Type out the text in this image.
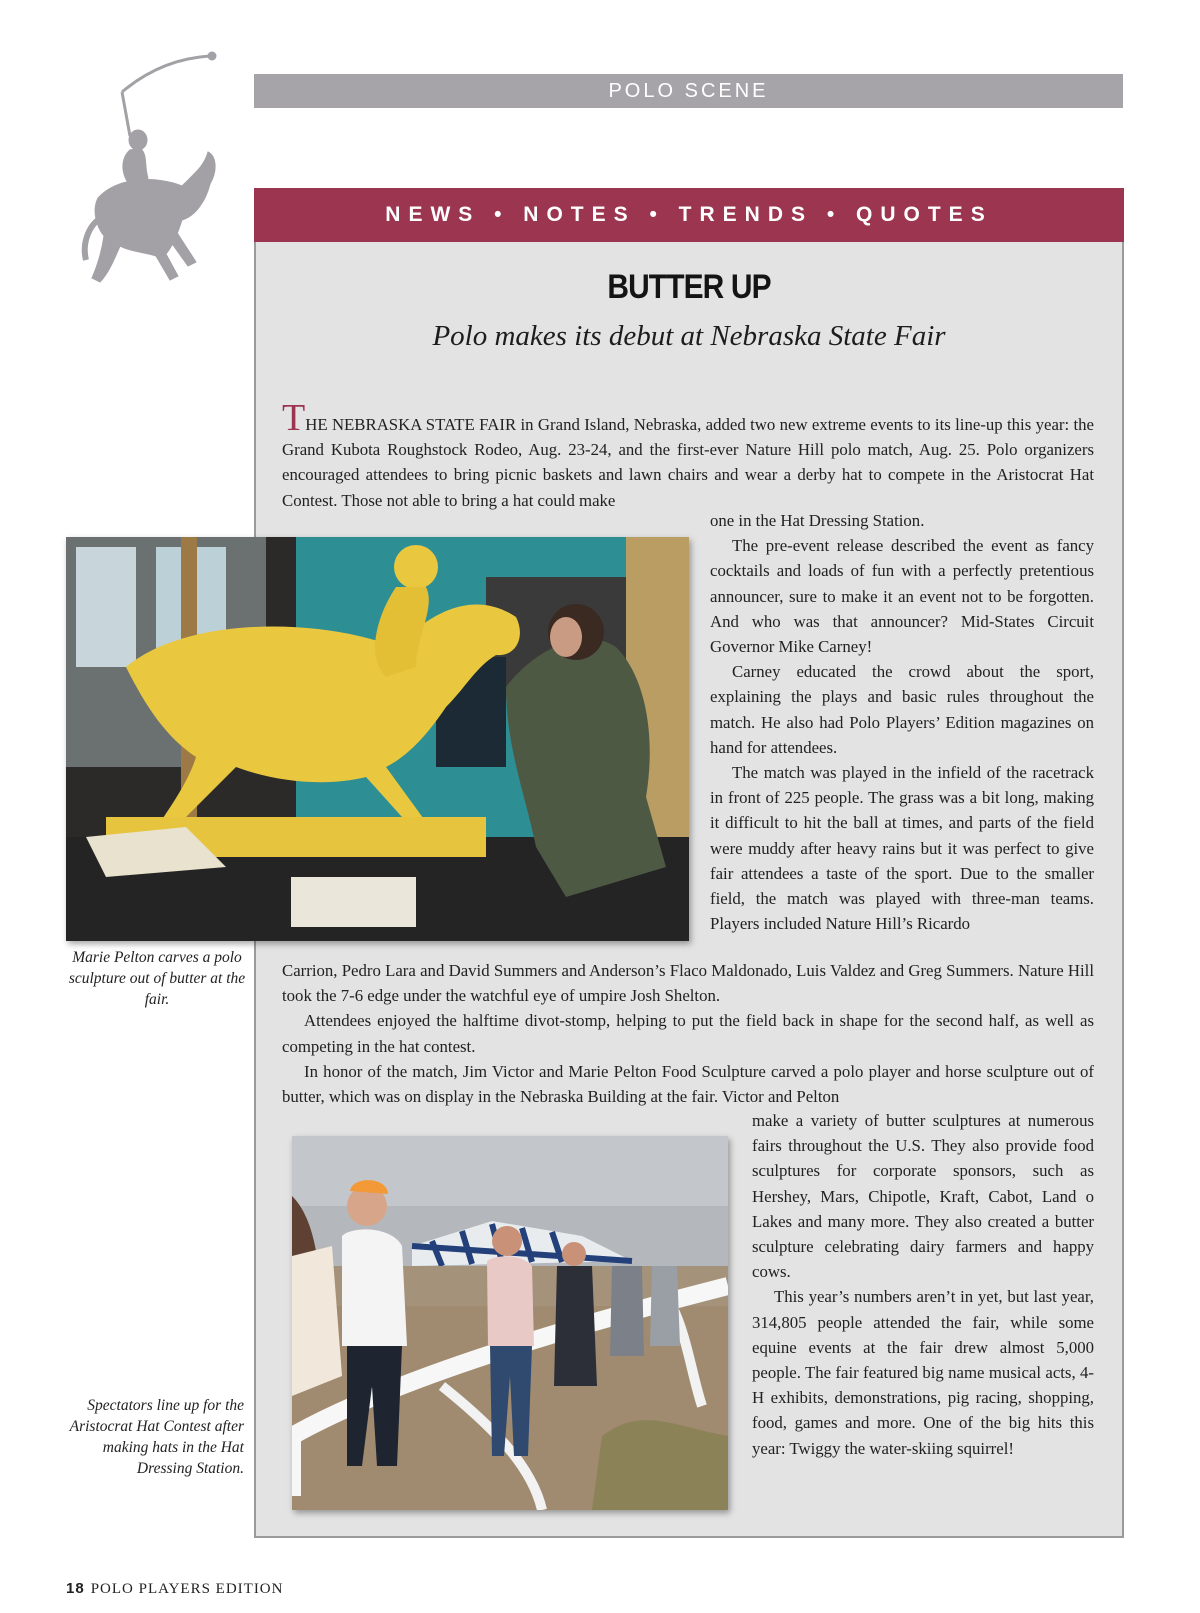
POLO SCENE
NEWS • NOTES • TRENDS • QUOTES
BUTTER UP
Polo makes its debut at Nebraska State Fair

THE NEBRASKA STATE FAIR in Grand Island, Nebraska, added two new extreme events to its line-up this year: the Grand Kubota Roughstock Rodeo, Aug. 23-24, and the first-ever Nature Hill polo match, Aug. 25. Polo organizers encouraged attendees to bring picnic baskets and lawn chairs and wear a derby hat to compete in the Aristocrat Hat Contest. Those not able to bring a hat could make

one in the Hat Dressing Station.

The pre-event release described the event as fancy cocktails and loads of fun with a perfectly pretentious announcer, sure to make it an event not to be forgotten. And who was that announcer? Mid-States Circuit Governor Mike Carney!

Carney educated the crowd about the sport, explaining the plays and basic rules throughout the match. He also had Polo Players’ Edition magazines on hand for attendees.

The match was played in the infield of the racetrack in front of 225 people. The grass was a bit long, making it difficult to hit the ball at times, and parts of the field were muddy after heavy rains but it was perfect to give fair attendees a taste of the sport. Due to the smaller field, the match was played with three-man teams. Players included Nature Hill’s Ricardo

Carrion, Pedro Lara and David Summers and Anderson’s Flaco Maldonado, Luis Valdez and Greg Summers. Nature Hill took the 7-6 edge under the watchful eye of umpire Josh Shelton.

Attendees enjoyed the halftime divot-stomp, helping to put the field back in shape for the second half, as well as competing in the hat contest.

In honor of the match, Jim Victor and Marie Pelton Food Sculpture carved a polo player and horse sculpture out of butter, which was on display in the Nebraska Building at the fair. Victor and Pelton

make a variety of butter sculptures at numerous fairs throughout the U.S. They also provide food sculptures for corporate sponsors, such as Hershey, Mars, Chipotle, Kraft, Cabot, Land o Lakes and many more. They also created a butter sculpture celebrating dairy farmers and happy cows.

This year’s numbers aren’t in yet, but last year, 314,805 people attended the fair, while some equine events at the fair drew almost 5,000 people. The fair featured big name musical acts, 4-H exhibits, demonstrations, pig racing, shopping, food, games and more. One of the big hits this year: Twiggy the water-skiing squirrel!

Marie Pelton carves a polo sculpture out of butter at the fair.
Spectators line up for the Aristocrat Hat Contest after making hats in the Hat Dressing Station.
18 POLO PLAYERS EDITION
